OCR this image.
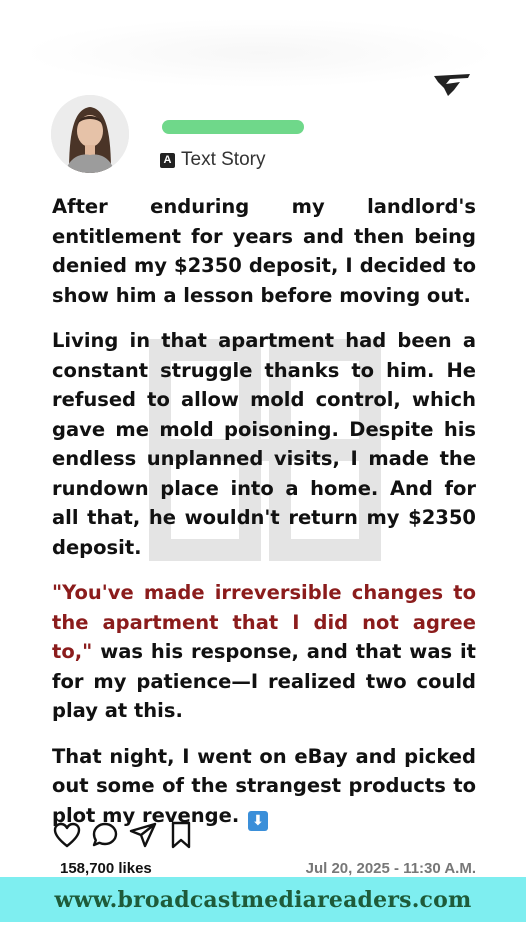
A Text Story

After enduring my landlord's entitlement for years and then being denied my $2350 deposit, I decided to show him a lesson before moving out.

Living in that apartment had been a constant struggle thanks to him. He refused to allow mold control, which gave me mold poisoning. Despite his endless unplanned visits, I made the rundown place into a home. And for all that, he wouldn't return my $2350 deposit.

"You've made irreversible changes to the apartment that I did not agree to," was his response, and that was it for my patience—I realized two could play at this.

That night, I went on eBay and picked out some of the strangest products to plot my revenge. ⬇

158,700 likes	Jul 20, 2025 - 11:30 A.M.
www.broadcastmediareaders.com
